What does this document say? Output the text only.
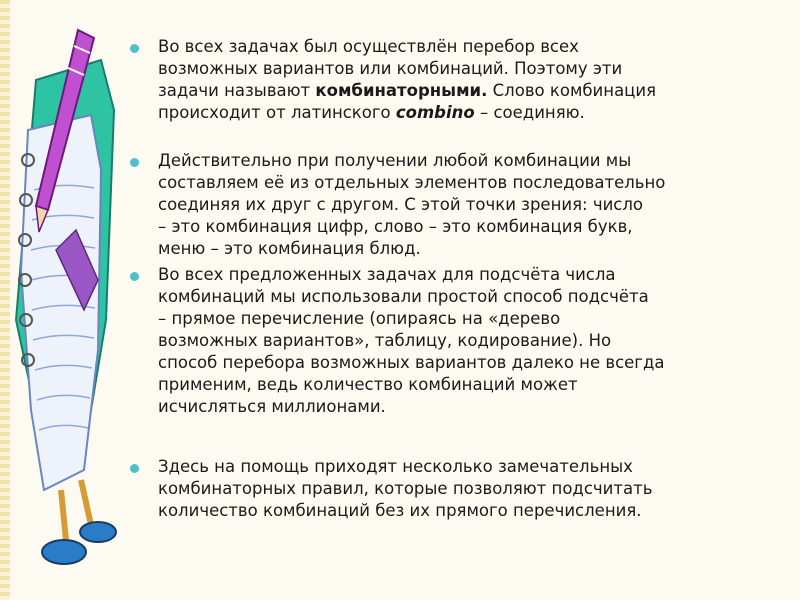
Во всех задачах был осуществлён перебор всех

возможных вариантов или комбинаций. Поэтому эти

задачи называют комбинаторными. Слово комбинация

происходит от латинского combino – соединяю.

Действительно при получении любой комбинации мы

составляем её из отдельных элементов последовательно

соединяя их друг с другом. С этой точки зрения: число

– это комбинация цифр, слово – это комбинация букв,

меню – это комбинация блюд.

Во всех предложенных задачах для подсчёта числа

комбинаций мы использовали простой способ подсчёта

– прямое перечисление (опираясь на «дерево

возможных вариантов», таблицу, кодирование). Но

способ перебора возможных вариантов далеко не всегда

применим, ведь количество комбинаций может

исчисляться миллионами.

Здесь на помощь приходят несколько замечательных

комбинаторных правил, которые позволяют подсчитать

количество комбинаций без их прямого перечисления.
